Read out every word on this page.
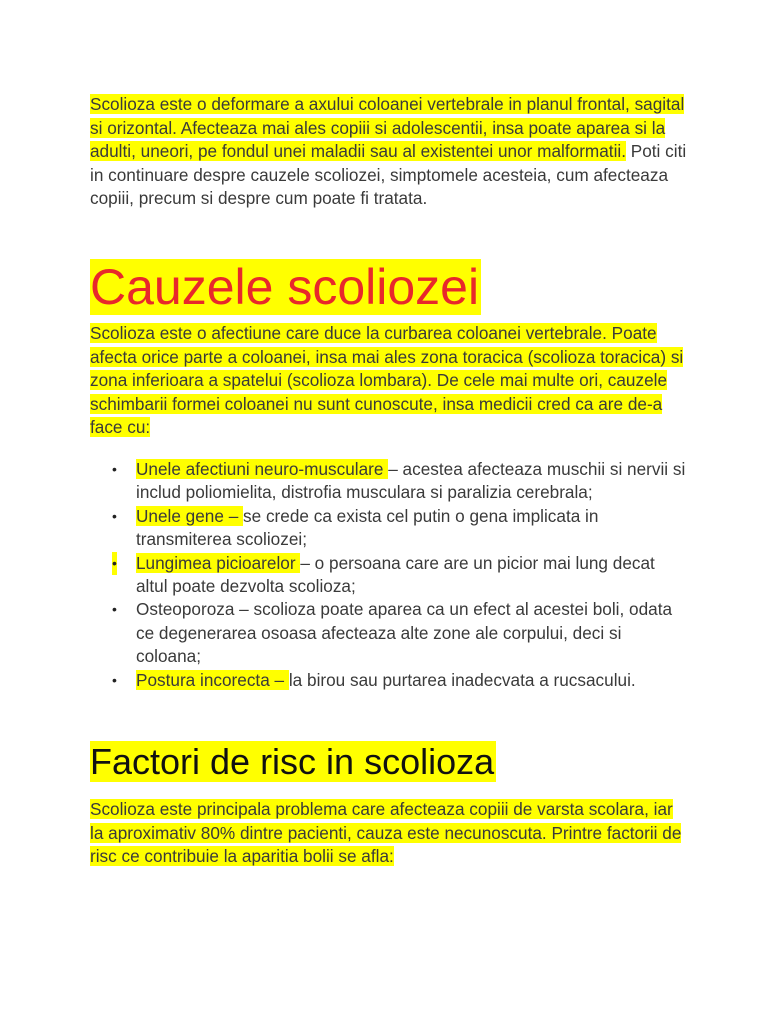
Scolioza este o deformare a axului coloanei vertebrale in planul frontal, sagital si orizontal. Afecteaza mai ales copiii si adolescentii, insa poate aparea si la adulti, uneori, pe fondul unei maladii sau al existentei unor malformatii. Poti citi in continuare despre cauzele scoliozei, simptomele acesteia, cum afecteaza copiii, precum si despre cum poate fi tratata.

Cauzele scoliozei

Scolioza este o afectiune care duce la curbarea coloanei vertebrale. Poate afecta orice parte a coloanei, insa mai ales zona toracica (scolioza toracica) si zona inferioara a spatelui (scolioza lombara). De cele mai multe ori, cauzele schimbarii formei coloanei nu sunt cunoscute, insa medicii cred ca are de-a face cu:

• Unele afectiuni neuro-musculare – acestea afecteaza muschii si nervii si includ poliomielita, distrofia musculara si paralizia cerebrala;
• Unele gene – se crede ca exista cel putin o gena implicata in transmiterea scoliozei;
• Lungimea picioarelor – o persoana care are un picior mai lung decat altul poate dezvolta scolioza;
• Osteoporoza – scolioza poate aparea ca un efect al acestei boli, odata ce degenerarea osoasa afecteaza alte zone ale corpului, deci si coloana;
• Postura incorecta – la birou sau purtarea inadecvata a rucsacului.
Factori de risc in scolioza

Scolioza este principala problema care afecteaza copiii de varsta scolara, iar la aproximativ 80% dintre pacienti, cauza este necunoscuta. Printre factorii de risc ce contribuie la aparitia bolii se afla:
